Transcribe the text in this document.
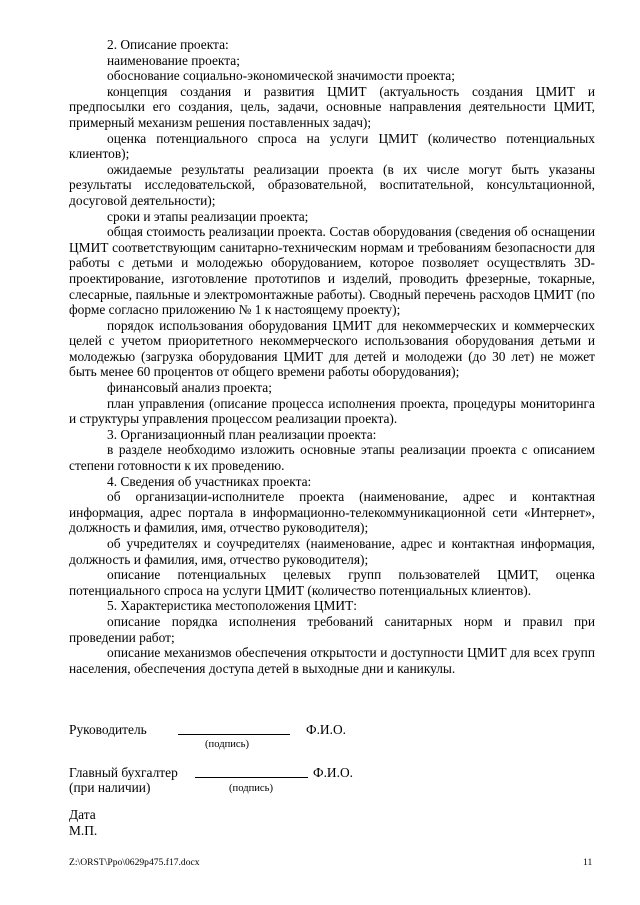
2. Описание проекта:

наименование проекта;

обоснование социально-экономической значимости проекта;

концепция создания и развития ЦМИТ (актуальность создания ЦМИТ и предпосылки его создания, цель, задачи, основные направления деятельности ЦМИТ, примерный механизм решения поставленных задач);

оценка потенциального спроса на услуги ЦМИТ (количество потенциальных клиентов);

ожидаемые результаты реализации проекта (в их числе могут быть указаны результаты исследовательской, образовательной, воспитательной, консультационной, досуговой деятельности);

сроки и этапы реализации проекта;

общая стоимость реализации проекта. Состав оборудования (сведения об оснащении ЦМИТ соответствующим санитарно-техническим нормам и требованиям безопасности для работы с детьми и молодежью оборудованием, которое позволяет осуществлять 3D-проектирование, изготовление прототипов и изделий, проводить фрезерные, токарные, слесарные, паяльные и электромонтажные работы). Сводный перечень расходов ЦМИТ (по форме согласно приложению № 1 к настоящему проекту);

порядок использования оборудования ЦМИТ для некоммерческих и коммерческих целей с учетом приоритетного некоммерческого использования оборудования детьми и молодежью (загрузка оборудования ЦМИТ для детей и молодежи (до 30 лет) не может быть менее 60 процентов от общего времени работы оборудования);

финансовый анализ проекта;

план управления (описание процесса исполнения проекта, процедуры мониторинга и структуры управления процессом реализации проекта).

3. Организационный план реализации проекта:

в разделе необходимо изложить основные этапы реализации проекта с описанием степени готовности к их проведению.

4. Сведения об участниках проекта:

об организации-исполнителе проекта (наименование, адрес и контактная информация, адрес портала в информационно-телекоммуникационной сети «Интернет», должность и фамилия, имя, отчество руководителя);

об учредителях и соучредителях (наименование, адрес и контактная информация, должность и фамилия, имя, отчество руководителя);

описание потенциальных целевых групп пользователей ЦМИТ, оценка потенциального спроса на услуги ЦМИТ (количество потенциальных клиентов).

5. Характеристика местоположения ЦМИТ:

описание порядка исполнения требований санитарных норм и правил при проведении работ;

описание механизмов обеспечения открытости и доступности ЦМИТ для всех групп населения, обеспечения доступа детей в выходные дни и каникулы.

Руководитель	Ф.И.О.
(подпись)
Главный бухгалтер	Ф.И.О.
(при наличии)	(подпись)
Дата
М.П.
Z:\ORST\Ppo\0629p475.f17.docx	11
